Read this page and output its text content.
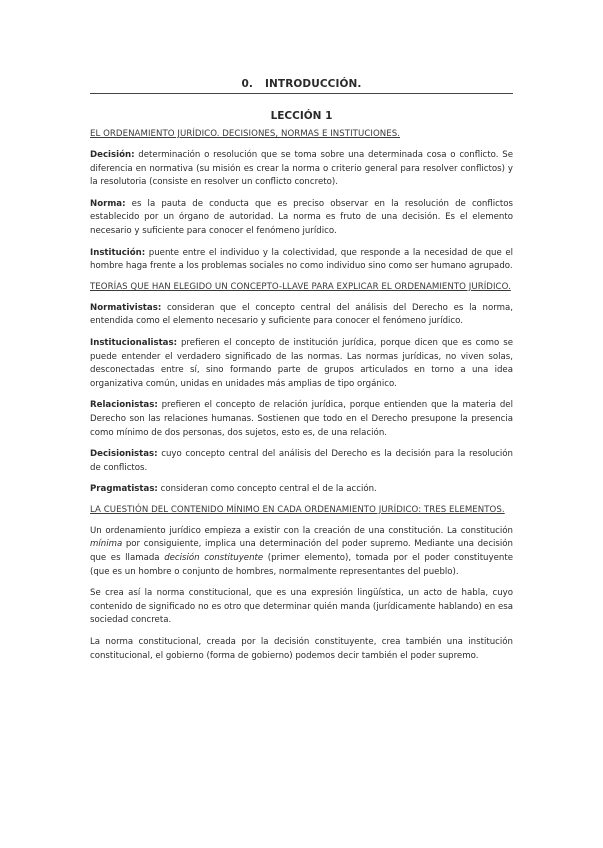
0. INTRODUCCIÓN.
LECCIÓN 1
EL ORDENAMIENTO JURÍDICO. DECISIONES, NORMAS E INSTITUCIONES.

Decisión: determinación o resolución que se toma sobre una determinada cosa o conflicto. Se diferencia en normativa (su misión es crear la norma o criterio general para resolver conflictos) y la resolutoria (consiste en resolver un conflicto concreto).

Norma: es la pauta de conducta que es preciso observar en la resolución de conflictos establecido por un órgano de autoridad. La norma es fruto de una decisión. Es el elemento necesario y suficiente para conocer el fenómeno jurídico.

Institución: puente entre el individuo y la colectividad, que responde a la necesidad de que el hombre haga frente a los problemas sociales no como individuo sino como ser humano agrupado.

TEORÍAS QUE HAN ELEGIDO UN CONCEPTO-LLAVE PARA EXPLICAR EL ORDENAMIENTO JURÍDICO.

Normativistas: consideran que el concepto central del análisis del Derecho es la norma, entendida como el elemento necesario y suficiente para conocer el fenómeno jurídico.

Institucionalistas: prefieren el concepto de institución jurídica, porque dicen que es como se puede entender el verdadero significado de las normas. Las normas jurídicas, no viven solas, desconectadas entre sí, sino formando parte de grupos articulados en torno a una idea organizativa común, unidas en unidades más amplias de tipo orgánico.

Relacionistas: prefieren el concepto de relación jurídica, porque entienden que la materia del Derecho son las relaciones humanas. Sostienen que todo en el Derecho presupone la presencia como mínimo de dos personas, dos sujetos, esto es, de una relación.

Decisionistas: cuyo concepto central del análisis del Derecho es la decisión para la resolución de conflictos.

Pragmatistas: consideran como concepto central el de la acción.

LA CUESTIÓN DEL CONTENIDO MÍNIMO EN CADA ORDENAMIENTO JURÍDICO: TRES ELEMENTOS.

Un ordenamiento jurídico empieza a existir con la creación de una constitución. La constitución mínima por consiguiente, implica una determinación del poder supremo. Mediante una decisión que es llamada decisión constituyente (primer elemento), tomada por el poder constituyente (que es un hombre o conjunto de hombres, normalmente representantes del pueblo).

Se crea así la norma constitucional, que es una expresión lingüística, un acto de habla, cuyo contenido de significado no es otro que determinar quién manda (jurídicamente hablando) en esa sociedad concreta.

La norma constitucional, creada por la decisión constituyente, crea también una institución constitucional, el gobierno (forma de gobierno) podemos decir también el poder supremo.
